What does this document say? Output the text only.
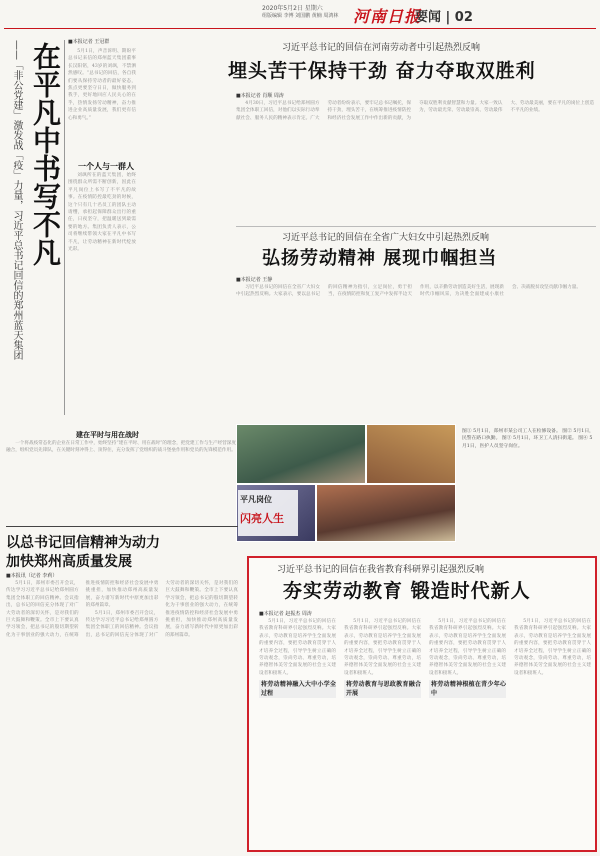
2020年5月2日 星期六
组版编辑 李博 刘国鹏 黄楠 周鸿林 河南日报
要闻 | 02
——「非公党建」激发战「疫」力量，习近平总书记回信的郑州蓝天集团 在平凡中书写不凡 ■本报记者 王冠群

5月1日，声音诉明、期盼平总书记来信的郑州蓝天集团董事长汉阳铭，43岁的刘飒，不禁洒然感叹。“总书记的回信，各自我们要从保持劳动者的最好姿态，焦点更要坚守日日，做快服务到我手，更好地回应人民关心的在乎，热情发扬劳动精神，奋力推进企业高质量发展，我们更有信心和勇气。”

一个人与一群人

刘飒所在的蓝天集团，始终围绕群众所需不断创新，因此在平凡岗位上书写了不平凡的故事。在疫情防控最吃劲的时候，这个只有几十名员工的团队主动请缨，承担起保障群众出行的重任，日夜坚守，把温暖送到最需要的地方。集团负责人表示，公司将继续带领大家在平凡中书写不凡，让劳动精神在新时代绽放光彩。

建在平时与用在战时

一个将战疫常态化的企业在日常工作中，始终坚持“建在平时、用在战时”的理念，把党建工作与生产经营深度融合，组织党员先锋队，在关键时刻冲得上、顶得住，充分发挥了党组织的战斗堡垒作用和党员的先锋模范作用。

习近平总书记的回信在河南劳动者中引起热烈反响
埋头苦干保持干劲 奋力夺取双胜利
■本报记者 肖顺 周涛

4月30日，习近平总书记给郑州圆方集团全体职工回信，对他们以实际行动奉献社会、服务人民的精神表示肯定。广大劳动者纷纷表示，要牢记总书记嘱托，保持干劲，埋头苦干，在统筹推进疫情防控和经济社会发展工作中作出新的贡献，为夺取双胜利贡献智慧和力量。大家一致认为，劳动最光荣、劳动最崇高、劳动最伟大、劳动最美丽，要在平凡的岗位上创造不平凡的业绩。

习近平总书记的回信在全省广大妇女中引起热烈反响
弘扬劳动精神 展现巾帼担当
■本报记者 王静

习近平总书记的回信在全省广大妇女中引起热烈反响。大家表示，要以总书记的回信精神为指引，立足岗位，勇于担当，在疫情防控和复工复产中发挥半边天作用，以辛勤劳动创造美好生活，展现新时代巾帼风采，为决胜全面建成小康社会、决战脱贫攻坚贡献巾帼力量。

平凡岗位
闪亮人生
图① 5月1日，郑州市某公司工人在检修设备。 图② 5月1日，民警在路口执勤。 图③ 5月1日，环卫工人清扫街道。 图④ 5月1日，医护人员坚守岗位。
习近平总书记的回信在我省教育科研界引起强烈反响
夯实劳动教育 锻造时代新人
■本报记者 赵振杰 周涛

5月1日，习近平总书记的回信在我省教育科研界引起强烈反响。大家表示，劳动教育是培养学生全面发展的重要内容，要把劳动教育贯穿于人才培养全过程，引导学生树立正确的劳动观念，崇尚劳动、尊重劳动，培养德智体美劳全面发展的社会主义建设者和接班人。

将劳动精神融入大中小学全过程

5月1日，习近平总书记的回信在我省教育科研界引起强烈反响。大家表示，劳动教育是培养学生全面发展的重要内容，要把劳动教育贯穿于人才培养全过程，引导学生树立正确的劳动观念，崇尚劳动、尊重劳动，培养德智体美劳全面发展的社会主义建设者和接班人。

将劳动教育与思政教育融合开展

5月1日，习近平总书记的回信在我省教育科研界引起强烈反响。大家表示，劳动教育是培养学生全面发展的重要内容，要把劳动教育贯穿于人才培养全过程，引导学生树立正确的劳动观念，崇尚劳动、尊重劳动，培养德智体美劳全面发展的社会主义建设者和接班人。

将劳动精神根植在青少年心中

5月1日，习近平总书记的回信在我省教育科研界引起强烈反响。大家表示，劳动教育是培养学生全面发展的重要内容，要把劳动教育贯穿于人才培养全过程，引导学生树立正确的劳动观念，崇尚劳动、尊重劳动，培养德智体美劳全面发展的社会主义建设者和接班人。

以总书记回信精神为动力
加快郑州高质量发展
■本报讯（记者 李莉）

5月1日，郑州市委召开会议，传达学习习近平总书记给郑州圆方集团全体职工的回信精神。会议指出，总书记的回信充分体现了对广大劳动者的深切关怀，是对我们的巨大鼓舞和鞭策。全市上下要认真学习领会，把总书记的殷切期望转化为干事创业的强大动力，在统筹推进疫情防控和经济社会发展中勇挑重担，加快推动郑州高质量发展，奋力谱写新时代中原更加出彩的郑州篇章。

5月1日，郑州市委召开会议，传达学习习近平总书记给郑州圆方集团全体职工的回信精神。会议指出，总书记的回信充分体现了对广大劳动者的深切关怀，是对我们的巨大鼓舞和鞭策。全市上下要认真学习领会，把总书记的殷切期望转化为干事创业的强大动力，在统筹推进疫情防控和经济社会发展中勇挑重担，加快推动郑州高质量发展，奋力谱写新时代中原更加出彩的郑州篇章。
